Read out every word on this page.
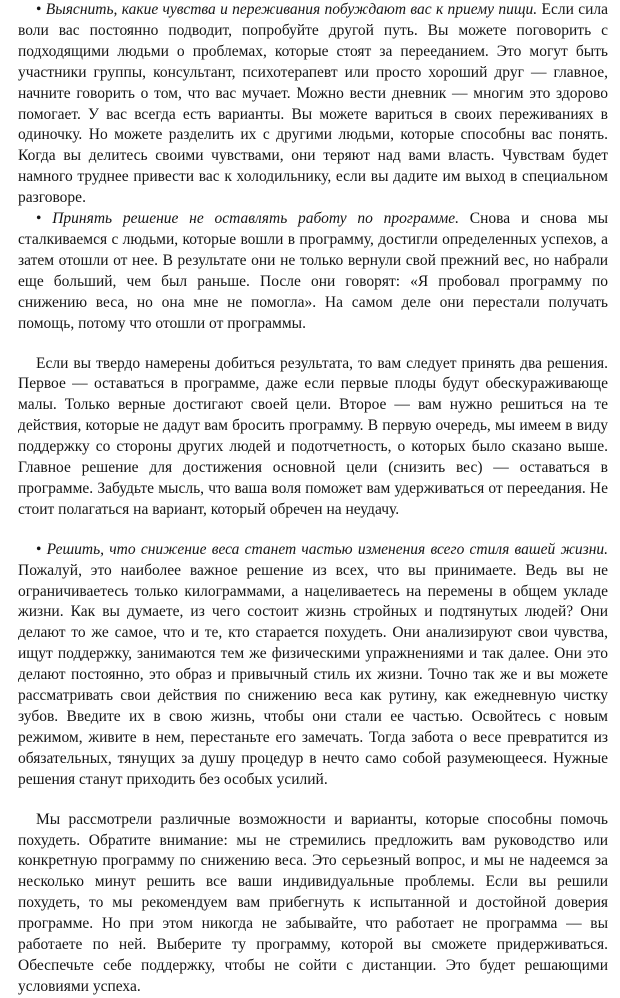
• Выяснить, какие чувства и переживания побуждают вас к приему пищи. Если сила воли вас постоянно подводит, попробуйте другой путь. Вы можете поговорить с подходящими людьми о проблемах, которые стоят за перееданием. Это могут быть участники группы, консультант, психотерапевт или просто хороший друг — главное, начните говорить о том, что вас мучает. Можно вести дневник — многим это здорово помогает. У вас всегда есть варианты. Вы можете вариться в своих переживаниях в одиночку. Но можете разделить их с другими людьми, которые способны вас понять. Когда вы делитесь своими чувствами, они теряют над вами власть. Чувствам будет намного труднее привести вас к холодильнику, если вы дадите им выход в специальном разговоре.

• Принять решение не оставлять работу по программе. Снова и снова мы сталкиваемся с людьми, которые вошли в программу, достигли определенных успехов, а затем отошли от нее. В результате они не только вернули свой прежний вес, но набрали еще больший, чем был раньше. После они говорят: «Я пробовал программу по снижению веса, но она мне не помогла». На самом деле они перестали получать помощь, потому что отошли от программы.

Если вы твердо намерены добиться результата, то вам следует принять два решения. Первое — оставаться в программе, даже если первые плоды будут обескураживающе малы. Только верные достигают своей цели. Второе — вам нужно решиться на те действия, которые не дадут вам бросить программу. В первую очередь, мы имеем в виду поддержку со стороны других людей и подотчетность, о которых было сказано выше. Главное решение для достижения основной цели (снизить вес) — оставаться в программе. Забудьте мысль, что ваша воля поможет вам удерживаться от переедания. Не стоит полагаться на вариант, который обречен на неудачу.

• Решить, что снижение веса станет частью изменения всего стиля вашей жизни. Пожалуй, это наиболее важное решение из всех, что вы принимаете. Ведь вы не ограничиваетесь только килограммами, а нацеливаетесь на перемены в общем укладе жизни. Как вы думаете, из чего состоит жизнь стройных и подтянутых людей? Они делают то же самое, что и те, кто старается похудеть. Они анализируют свои чувства, ищут поддержку, занимаются тем же физическими упражнениями и так далее. Они это делают постоянно, это образ и привычный стиль их жизни. Точно так же и вы можете рассматривать свои действия по снижению веса как рутину, как ежедневную чистку зубов. Введите их в свою жизнь, чтобы они стали ее частью. Освойтесь с новым режимом, живите в нем, перестаньте его замечать. Тогда забота о весе превратится из обязательных, тянущих за душу процедур в нечто само собой разумеющееся. Нужные решения станут приходить без особых усилий.

Мы рассмотрели различные возможности и варианты, которые способны помочь похудеть. Обратите внимание: мы не стремились предложить вам руководство или конкретную программу по снижению веса. Это серьезный вопрос, и мы не надеемся за несколько минут решить все ваши индивидуальные проблемы. Если вы решили похудеть, то мы рекомендуем вам прибегнуть к испытанной и достойной доверия программе. Но при этом никогда не забывайте, что работает не программа — вы работаете по ней. Выберите ту программу, которой вы сможете придерживаться. Обеспечьте себе поддержку, чтобы не сойти с дистанции. Это будет решающими условиями успеха.
